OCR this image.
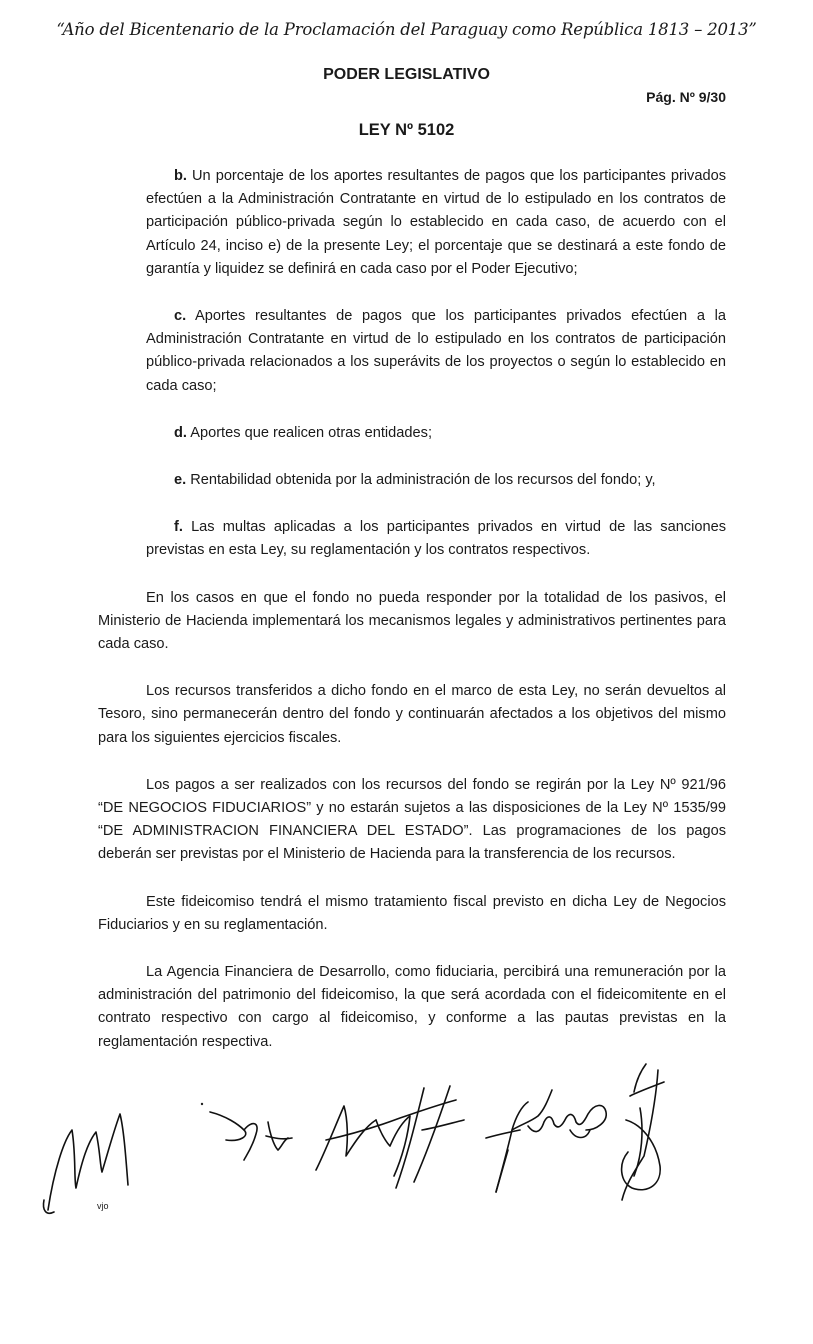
“Año del Bicentenario de la Proclamación del Paraguay como República 1813 – 2013”
PODER LEGISLATIVO
Pág. Nº 9/30
LEY Nº 5102

b. Un porcentaje de los aportes resultantes de pagos que los participantes privados efectúen a la Administración Contratante en virtud de lo estipulado en los contratos de participación público-privada según lo establecido en cada caso, de acuerdo con el Artículo 24, inciso e) de la presente Ley; el porcentaje que se destinará a este fondo de garantía y liquidez se definirá en cada caso por el Poder Ejecutivo;

c. Aportes resultantes de pagos que los participantes privados efectúen a la Administración Contratante en virtud de lo estipulado en los contratos de participación público-privada relacionados a los superávits de los proyectos o según lo establecido en cada caso;

d. Aportes que realicen otras entidades;

e. Rentabilidad obtenida por la administración de los recursos del fondo; y,

f. Las multas aplicadas a los participantes privados en virtud de las sanciones previstas en esta Ley, su reglamentación y los contratos respectivos.

En los casos en que el fondo no pueda responder por la totalidad de los pasivos, el Ministerio de Hacienda implementará los mecanismos legales y administrativos pertinentes para cada caso.

Los recursos transferidos a dicho fondo en el marco de esta Ley, no serán devueltos al Tesoro, sino permanecerán dentro del fondo y continuarán afectados a los objetivos del mismo para los siguientes ejercicios fiscales.

Los pagos a ser realizados con los recursos del fondo se regirán por la Ley Nº 921/96 “DE NEGOCIOS FIDUCIARIOS” y no estarán sujetos a las disposiciones de la Ley Nº 1535/99 “DE ADMINISTRACION FINANCIERA DEL ESTADO”. Las programaciones de los pagos deberán ser previstas por el Ministerio de Hacienda para la transferencia de los recursos.

Este fideicomiso tendrá el mismo tratamiento fiscal previsto en dicha Ley de Negocios Fiduciarios y en su reglamentación.

La Agencia Financiera de Desarrollo, como fiduciaria, percibirá una remuneración por la administración del patrimonio del fideicomiso, la que será acordada con el fideicomitente en el contrato respectivo con cargo al fideicomiso, y conforme a las pautas previstas en la reglamentación respectiva.

vjo
